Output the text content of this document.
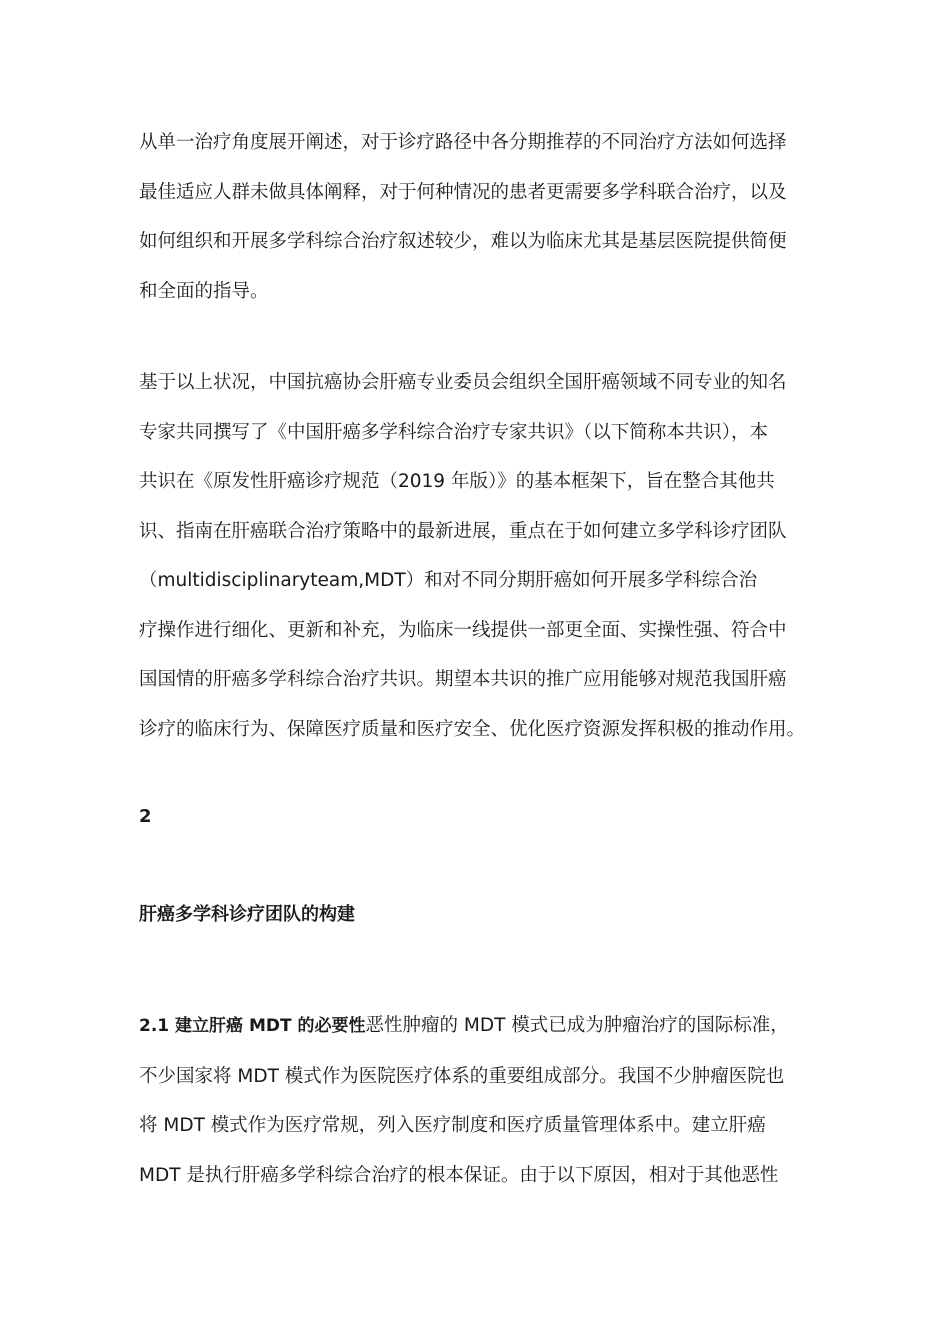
从单一治疗角度展开阐述，对于诊疗路径中各分期推荐的不同治疗方法如何选择
最佳适应人群未做具体阐释，对于何种情况的患者更需要多学科联合治疗，以及
如何组织和开展多学科综合治疗叙述较少，难以为临床尤其是基层医院提供简便
和全面的指导。

基于以上状况，中国抗癌协会肝癌专业委员会组织全国肝癌领域不同专业的知名
专家共同撰写了《中国肝癌多学科综合治疗专家共识》（以下简称本共识），本
共识在《原发性肝癌诊疗规范（2019 年版）》的基本框架下，旨在整合其他共
识、指南在肝癌联合治疗策略中的最新进展，重点在于如何建立多学科诊疗团队
（multidisciplinaryteam,MDT）和对不同分期肝癌如何开展多学科综合治
疗操作进行细化、更新和补充，为临床一线提供一部更全面、实操性强、符合中
国国情的肝癌多学科综合治疗共识。期望本共识的推广应用能够对规范我国肝癌
诊疗的临床行为、保障医疗质量和医疗安全、优化医疗资源发挥积极的推动作用。

2
肝癌多学科诊疗团队的构建

2.1 建立肝癌 MDT 的必要性恶性肿瘤的 MDT 模式已成为肿瘤治疗的国际标准，
不少国家将 MDT 模式作为医院医疗体系的重要组成部分。我国不少肿瘤医院也
将 MDT 模式作为医疗常规，列入医疗制度和医疗质量管理体系中。建立肝癌
MDT 是执行肝癌多学科综合治疗的根本保证。由于以下原因，相对于其他恶性
